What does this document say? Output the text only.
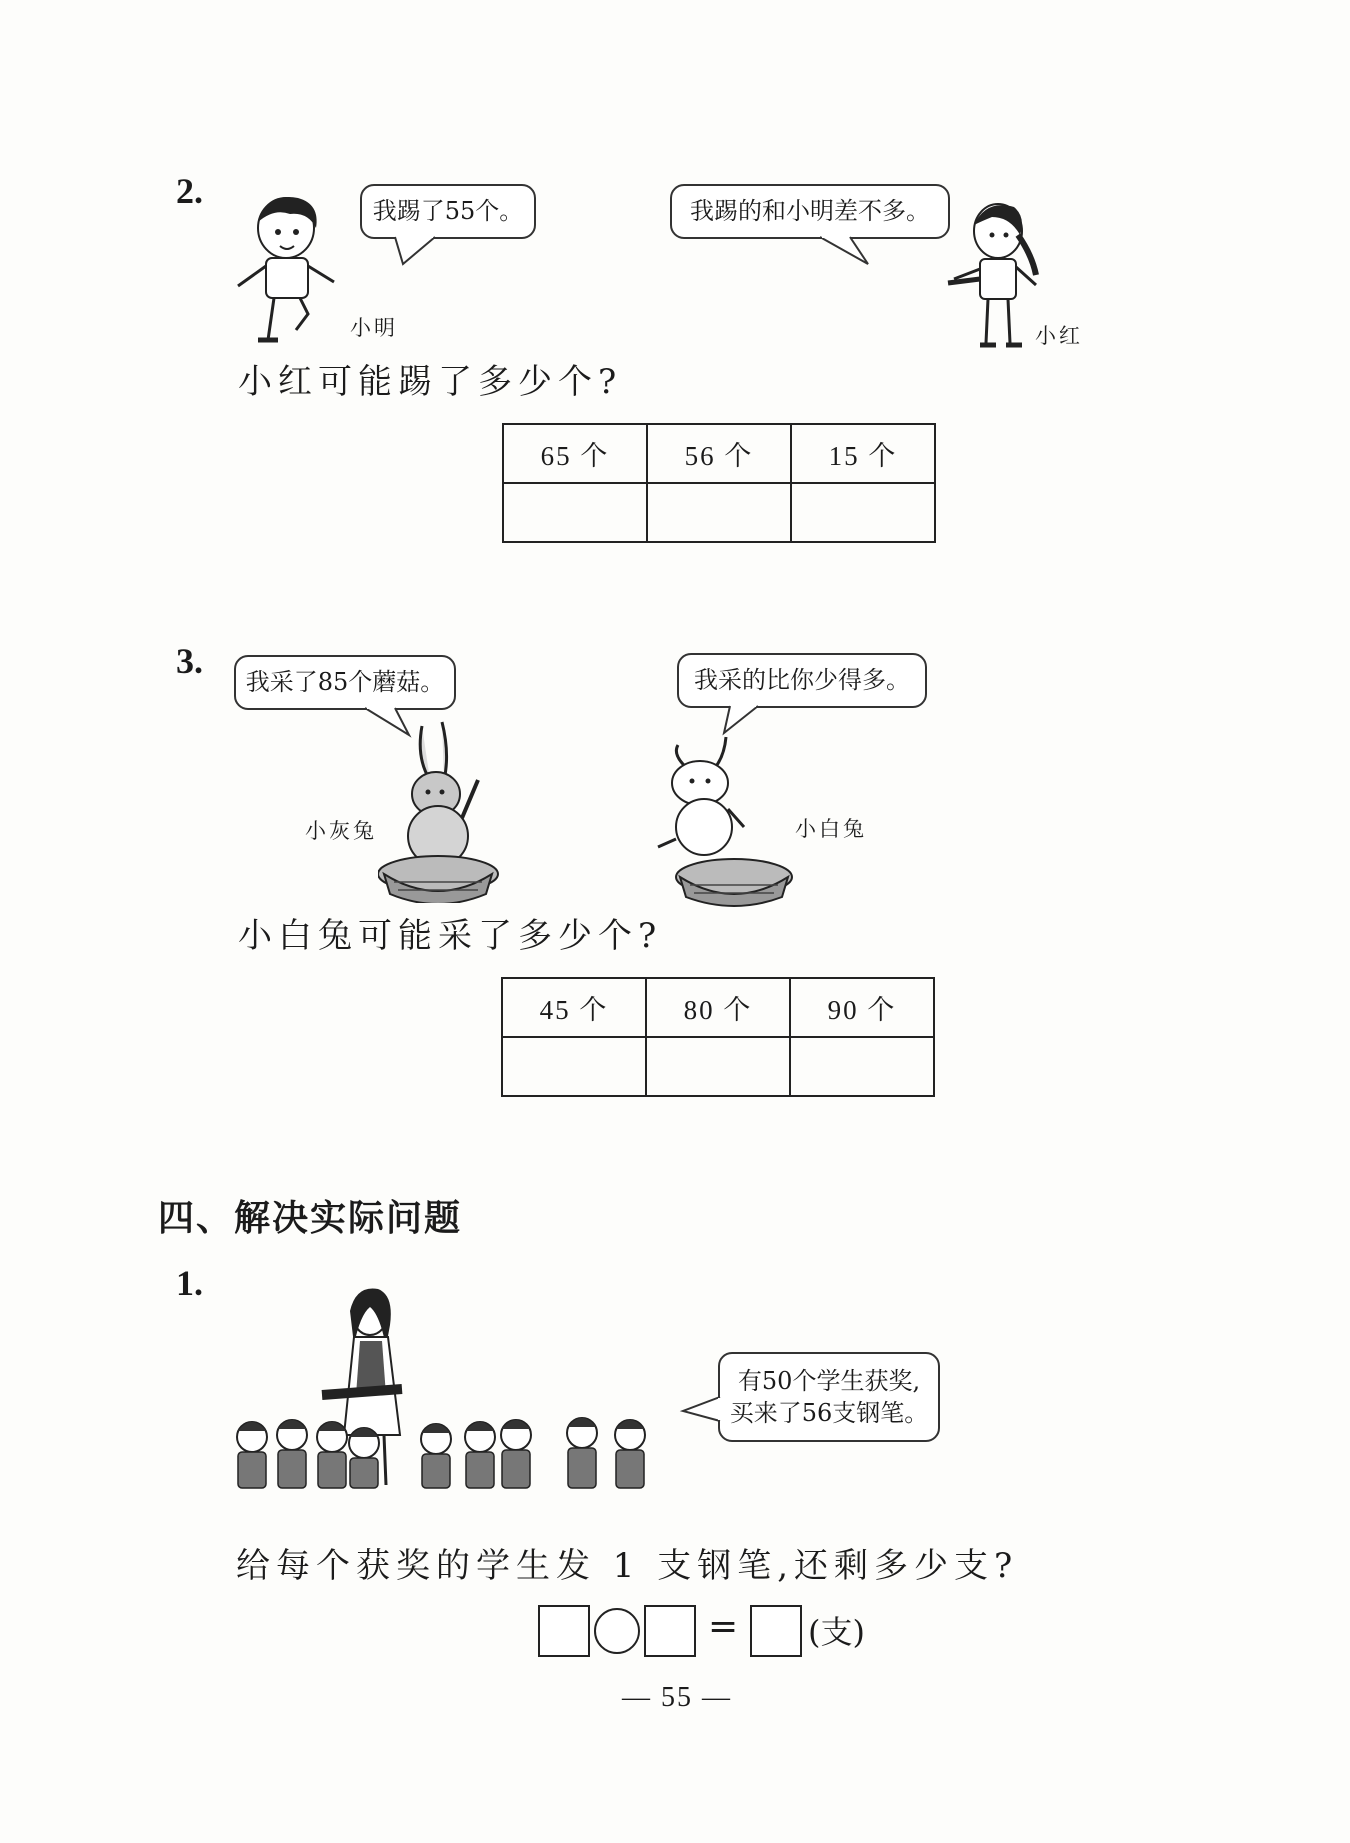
2.
我踢了55个。
小明
我踢的和小明差不多。
小红
小红可能踢了多少个?
65 个	56 个	15 个

3.
我采了85个蘑菇。	我采的比你少得多。
小灰兔	小白兔
小白兔可能采了多少个?
45 个	80 个	90 个

四、解决实际问题
1.
有50个学生获奖,
买来了56支钢笔。
给每个获奖的学生发 1 支钢笔,还剩多少支?
= (支)
— 55 —
